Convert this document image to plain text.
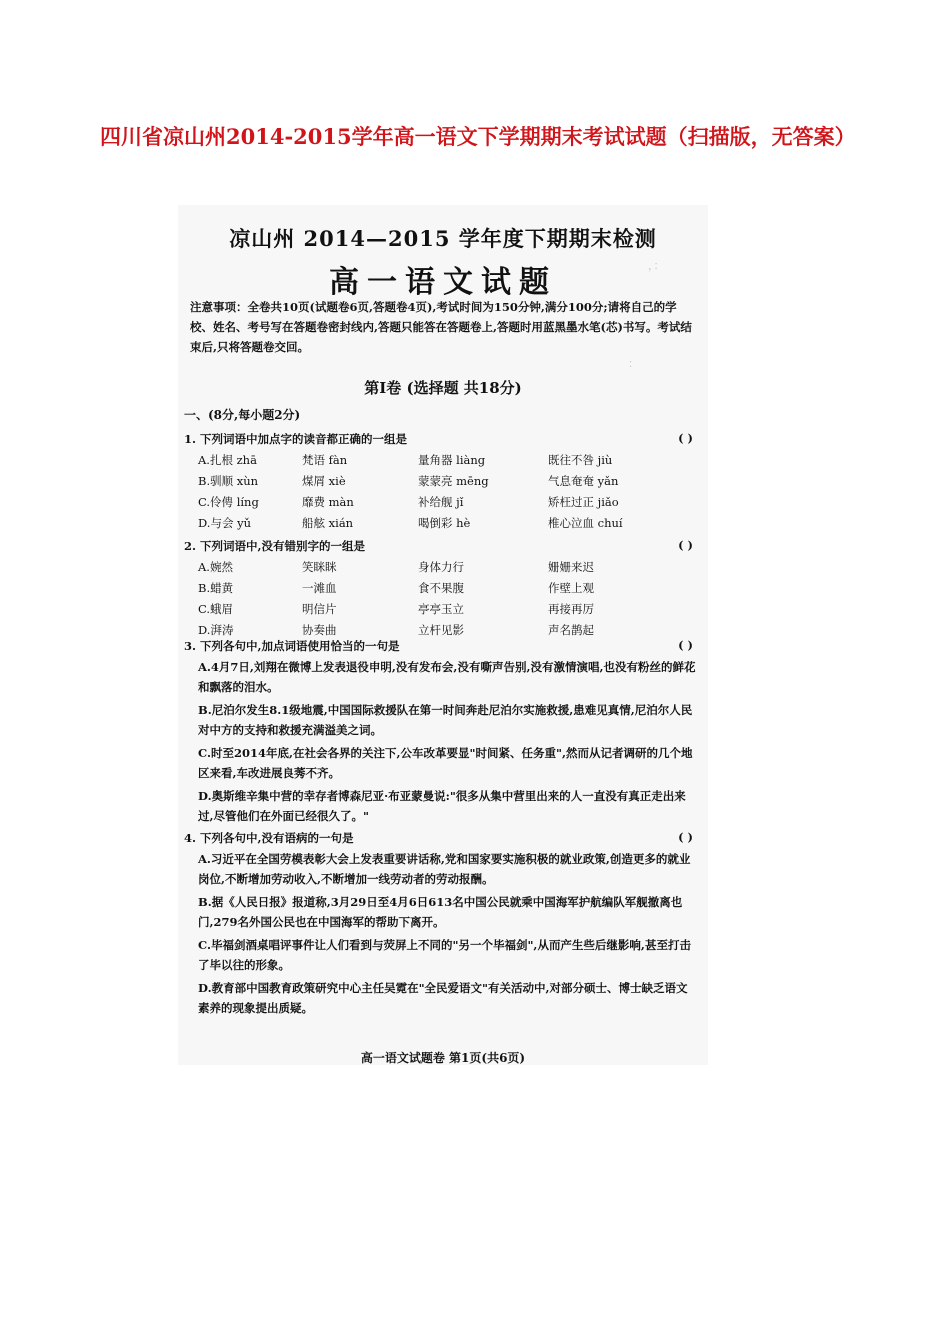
四川省凉山州2014-2015学年高一语文下学期期末考试试题（扫描版，无答案）
，：
：
凉山州 2014—2015 学年度下期期末检测
高一语文试题
注意事项：全卷共10页(试题卷6页,答题卷4页),考试时间为150分钟,满分100分;请将自己的学校、姓名、考号写在答题卷密封线内,答题只能答在答题卷上,答题时用蓝黑墨水笔(芯)书写。考试结束后,只将答题卷交回。
第Ⅰ卷 (选择题 共18分)
一、(8分,每小题2分)
1. 下列词语中加点字的读音都正确的一组是	( )
A.扎根 zhā	梵语 fàn	量角器 liàng	既往不咎 jiù
B.驯顺 xùn	煤屑 xiè	蒙蒙亮 mēng	气息奄奄 yǎn
C.伶俜 líng	靡费 màn	补给舰 jǐ	矫枉过正 jiǎo
D.与会 yǔ	船舷 xián	喝倒彩 hè	椎心泣血 chuí
2. 下列词语中,没有错别字的一组是	( )
A.婉然	笑眯眯	身体力行	姗姗来迟
B.蜡黄	一滩血	食不果腹	作壁上观
C.蛾眉	明信片	亭亭玉立	再接再厉
D.湃涛	协奏曲	立杆见影	声名鹊起
3. 下列各句中,加点词语使用恰当的一句是	( )
A.4月7日,刘翔在微博上发表退役申明,没有发布会,没有嘶声告别,没有激情演唱,也没有粉丝的鲜花和飘落的泪水。
B.尼泊尔发生8.1级地震,中国国际救援队在第一时间奔赴尼泊尔实施救援,患难见真情,尼泊尔人民对中方的支持和救援充满溢美之词。
C.时至2014年底,在社会各界的关注下,公车改革要显"时间紧、任务重",然而从记者调研的几个地区来看,车改进展良莠不齐。
D.奥斯维辛集中营的幸存者博森尼亚·布亚蒙曼说:"很多从集中营里出来的人一直没有真正走出来过,尽管他们在外面已经很久了。"
4. 下列各句中,没有语病的一句是	( )
A.习近平在全国劳模表彰大会上发表重要讲话称,党和国家要实施积极的就业政策,创造更多的就业岗位,不断增加劳动收入,不断增加一线劳动者的劳动报酬。
B.据《人民日报》报道称,3月29日至4月6日613名中国公民就乘中国海军护航编队军舰撤离也门,279名外国公民也在中国海军的帮助下离开。
C.毕福剑酒桌唱评事件让人们看到与荧屏上不同的"另一个毕福剑",从而产生些后继影响,甚至打击了毕以往的形象。
D.教育部中国教育政策研究中心主任吴霓在"全民爱语文"有关活动中,对部分硕士、博士缺乏语文素养的现象提出质疑。
高一语文试题卷 第1页(共6页)
